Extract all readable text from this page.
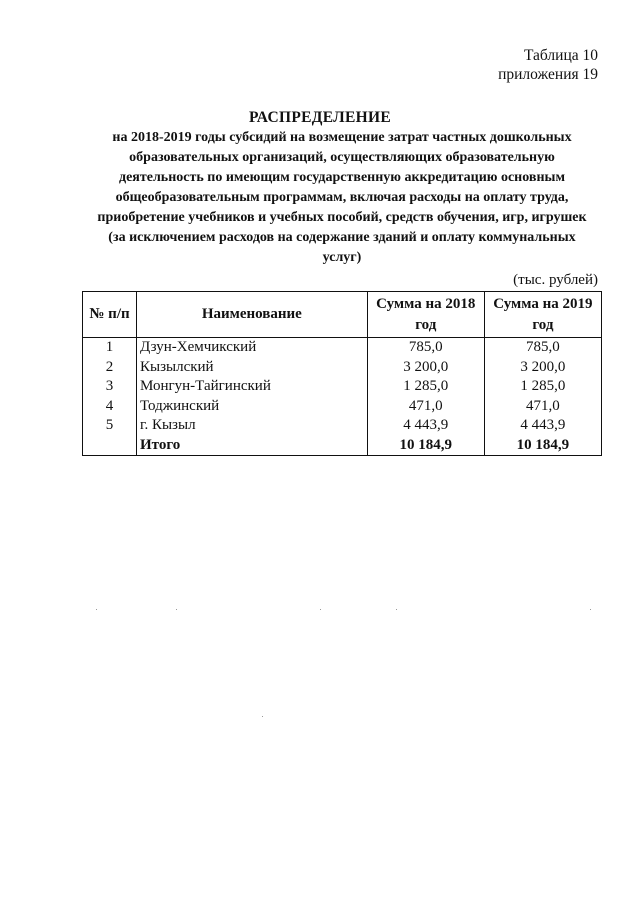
Таблица 10
приложения 19
РАСПРЕДЕЛЕНИЕ
на 2018-2019 годы субсидий на возмещение затрат частных дошкольных
образовательных организаций, осуществляющих образовательную
деятельность по имеющим государственную аккредитацию основным
общеобразовательным программам, включая расходы на оплату труда,
приобретение учебников и учебных пособий, средств обучения, игр, игрушек
(за исключением расходов на содержание зданий и оплату коммунальных
услуг)
(тыс. рублей)
№ п/п	Наименование	Сумма на 2018 год	Сумма на 2019 год
1	Дзун-Хемчикский	785,0	785,0
2	Кызылский	3 200,0	3 200,0
3	Монгун-Тайгинский	1 285,0	1 285,0
4	Тоджинский	471,0	471,0
5	г. Кызыл	4 443,9	4 443,9
	Итого	10 184,9	10 184,9
